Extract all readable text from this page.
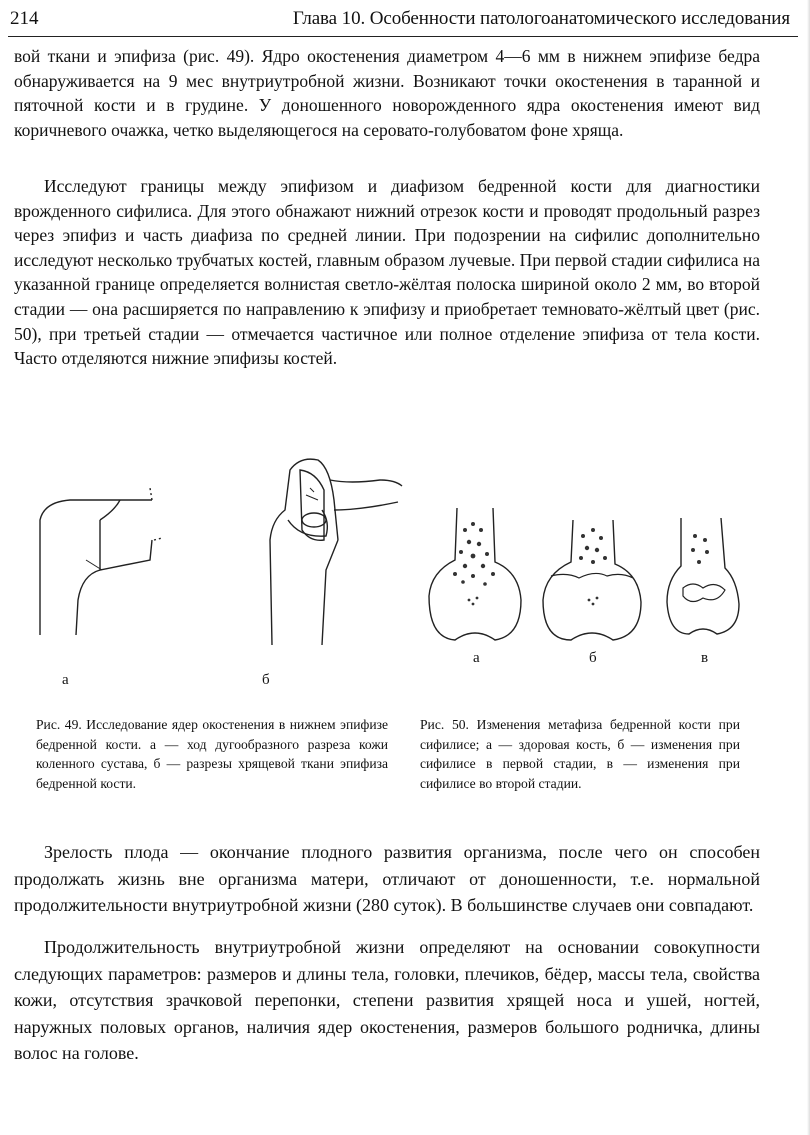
214	Глава 10. Особенности патологоанатомического исследования

вой ткани и эпифиза (рис. 49). Ядро окостенения диаметром 4—6 мм в нижнем эпифизе бедра обнаруживается на 9 мес внутриутробной жизни. Возникают точки окостенения в таранной и пяточной кости и в грудине. У доношенного новорожденного ядра окостенения имеют вид коричневого очажка, четко выделяющегося на серовато-голубоватом фоне хряща.

Исследуют границы между эпифизом и диафизом бедренной кости для диагностики врожденного сифилиса. Для этого обнажают нижний отрезок кости и проводят продольный разрез через эпифиз и часть диафиза по средней линии. При подозрении на сифилис дополнительно исследуют несколько трубчатых костей, главным образом лучевые. При первой стадии сифилиса на указанной границе определяется волнистая светло-жёлтая полоска шириной около 2 мм, во второй стадии — она расширяется по направлению к эпифизу и приобретает темновато-жёлтый цвет (рис. 50), при третьей стадии — отмечается частичное или полное отделение эпифиза от тела кости. Часто отделяются нижние эпифизы костей.

а	б
а	б	в

Рис. 49. Исследование ядер окостенения в нижнем эпифизе бедренной кости. а — ход дугообразного разреза кожи коленного сустава, б — разрезы хрящевой ткани эпифиза бедренной кости.

Рис. 50. Изменения метафиза бедренной кости при сифилисе; а — здоровая кость, б — изменения при сифилисе в первой стадии, в — изменения при сифилисе во второй стадии.

Зрелость плода — окончание плодного развития организма, после чего он способен продолжать жизнь вне организма матери, отличают от доношенности, т.е. нормальной продолжительности внутриутробной жизни (280 суток). В большинстве случаев они совпадают.

Продолжительность внутриутробной жизни определяют на основании совокупности следующих параметров: размеров и длины тела, головки, плечиков, бёдер, массы тела, свойства кожи, отсутствия зрачковой перепонки, степени развития хрящей носа и ушей, ногтей, наружных половых органов, наличия ядер окостенения, размеров большого родничка, длины волос на голове.
